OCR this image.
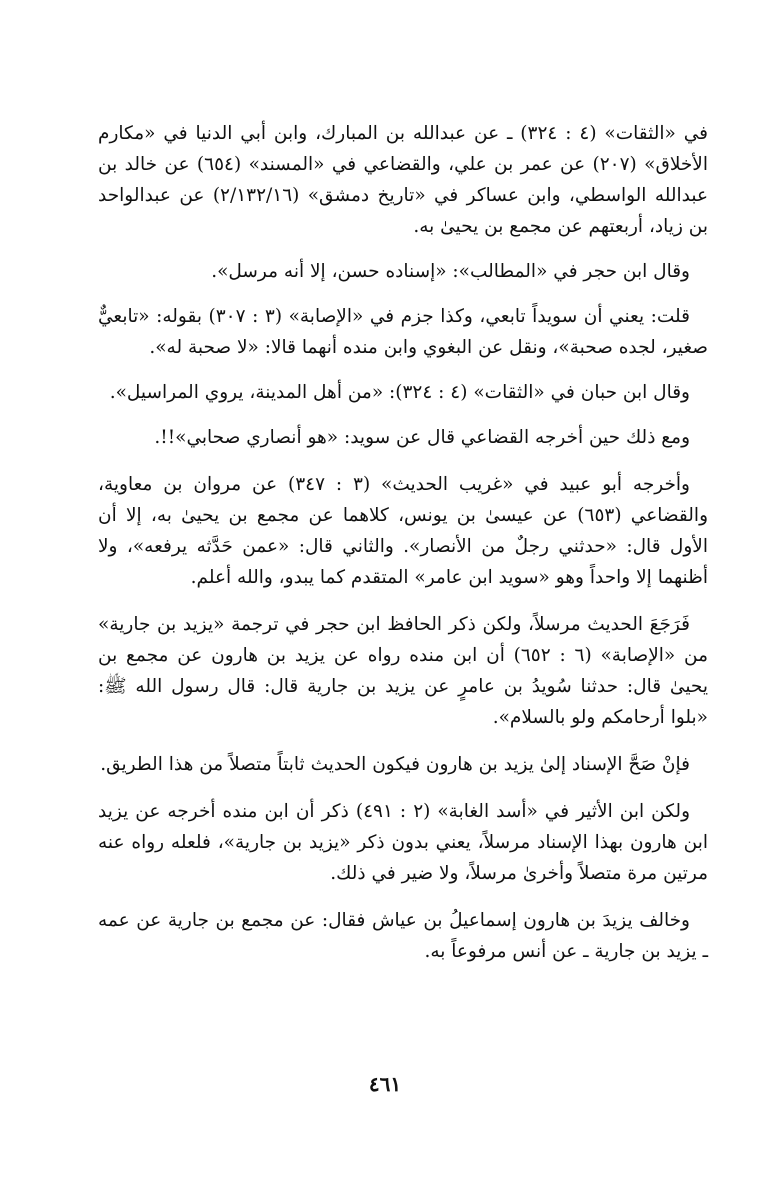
في «الثقات» (٤ : ٣٢٤) ـ عن عبدالله بن المبارك، وابن أبي الدنيا في «مكارم الأخلاق» (٢٠٧) عن عمر بن علي، والقضاعي في «المسند» (٦٥٤) عن خالد بن عبدالله الواسطي، وابن عساكر في «تاريخ دمشق» (٢/١٣٢/١٦) عن عبدالواحد بن زياد، أربعتهم عن مجمع بن يحيىٰ به.

وقال ابن حجر في «المطالب»: «إسناده حسن، إلا أنه مرسل».

قلت: يعني أن سويداً تابعي، وكذا جزم في «الإصابة» (٣ : ٣٠٧) بقوله: «تابعيٌّ صغير، لجده صحبة»، ونقل عن البغوي وابن منده أنهما قالا: «لا صحبة له».

وقال ابن حبان في «الثقات» (٤ : ٣٢٤): «من أهل المدينة، يروي المراسيل».

ومع ذلك حين أخرجه القضاعي قال عن سويد: «هو أنصاري صحابي»!!.

وأخرجه أبو عبيد في «غريب الحديث» (٣ : ٣٤٧) عن مروان بن معاوية، والقضاعي (٦٥٣) عن عيسىٰ بن يونس، كلاهما عن مجمع بن يحيىٰ به، إلا أن الأول قال: «حدثني رجلٌ من الأنصار». والثاني قال: «عمن حَدَّثه يرفعه»، ولا أظنهما إلا واحداً وهو «سويد ابن عامر» المتقدم كما يبدو، والله أعلم.

فَرَجَعَ الحديث مرسلاً، ولكن ذكر الحافظ ابن حجر في ترجمة «يزيد بن جارية» من «الإصابة» (٦ : ٦٥٢) أن ابن منده رواه عن يزيد بن هارون عن مجمع بن يحيىٰ قال: حدثنا سُويدُ بن عامرٍ عن يزيد بن جارية قال: قال رسول الله ﷺ: «بلوا أرحامكم ولو بالسلام».

فإنْ صَحَّ الإسناد إلىٰ يزيد بن هارون فيكون الحديث ثابتاً متصلاً من هذا الطريق.

ولكن ابن الأثير في «أسد الغابة» (٢ : ٤٩١) ذكر أن ابن منده أخرجه عن يزيد ابن هارون بهذا الإسناد مرسلاً، يعني بدون ذكر «يزيد بن جارية»، فلعله رواه عنه مرتين مرة متصلاً وأخرىٰ مرسلاً، ولا ضير في ذلك.

وخالف يزيدَ بن هارون إسماعيلُ بن عياش فقال: عن مجمع بن جارية عن عمه ـ يزيد بن جارية ـ عن أنس مرفوعاً به.

٤٦١
